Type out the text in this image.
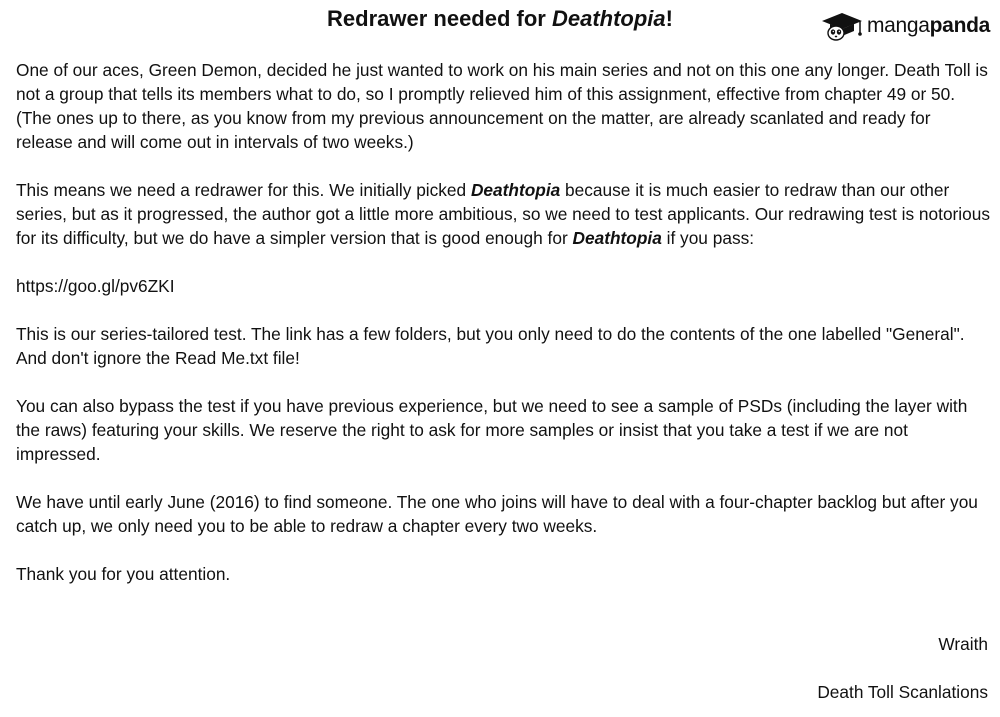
Redrawer needed for Deathtopia!	mangapanda

One of our aces, Green Demon, decided he just wanted to work on his main series and not on this one any longer. Death Toll is not a group that tells its members what to do, so I promptly relieved him of this assignment, effective from chapter 49 or 50. (The ones up to there, as you know from my previous announcement on the matter, are already scanlated and ready for release and will come out in intervals of two weeks.)

This means we need a redrawer for this. We initially picked Deathtopia because it is much easier to redraw than our other series, but as it progressed, the author got a little more ambitious, so we need to test applicants. Our redrawing test is notorious for its difficulty, but we do have a simpler version that is good enough for Deathtopia if you pass:

https://goo.gl/pv6ZKI

This is our series-tailored test. The link has a few folders, but you only need to do the contents of the one labelled "General". And don't ignore the Read Me.txt file!

You can also bypass the test if you have previous experience, but we need to see a sample of PSDs (including the layer with the raws) featuring your skills. We reserve the right to ask for more samples or insist that you take a test if we are not impressed.

We have until early June (2016) to find someone. The one who joins will have to deal with a four-chapter backlog but after you catch up, we only need you to be able to redraw a chapter every two weeks.

Thank you for you attention.

Wraith
Death Toll Scanlations
